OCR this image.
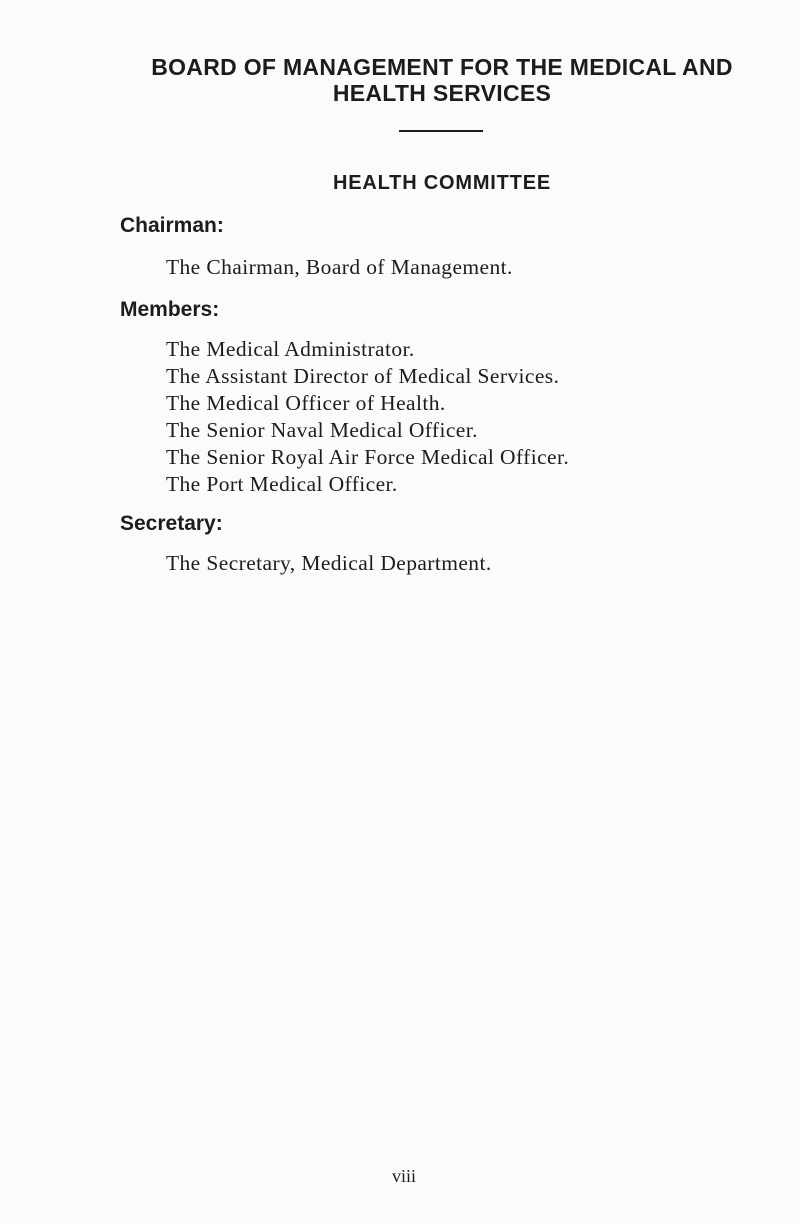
BOARD OF MANAGEMENT FOR THE MEDICAL AND
HEALTH SERVICES
HEALTH COMMITTEE
Chairman:
The Chairman, Board of Management.
Members:
The Medical Administrator.
The Assistant Director of Medical Services.
The Medical Officer of Health.
The Senior Naval Medical Officer.
The Senior Royal Air Force Medical Officer.
The Port Medical Officer.
Secretary:
The Secretary, Medical Department.
viii
